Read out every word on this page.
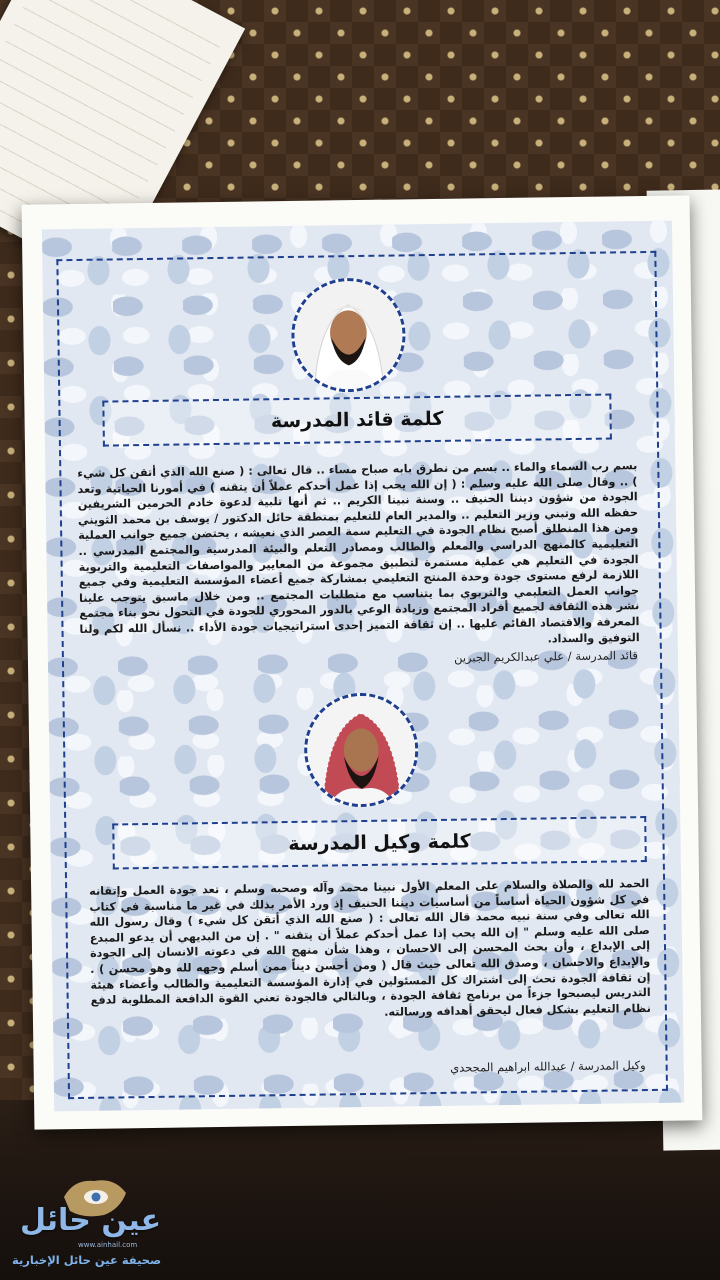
كلمة قائد المدرسة
بسم رب السماء والماء .. بسم من نطرق بابه صباح مساء .. قال تعالى : ( صنع الله الذي أتقن كل شيء ) .. وقال صلى الله عليه وسلم : ( إن الله يحب إذا عمل أحدكم عملاً أن يتقنه ) في أمورنا الحياتية وتعد الجودة من شؤون ديننا الحنيف .. وسنة نبينا الكريم .. ثم أنها تلبية لدعوة خادم الحرمين الشريفين حفظه الله وتبني وزير التعليم .. والمدير العام للتعليم بمنطقة حائل الدكتور / يوسف بن محمد الثويني ومن هذا المنطلق أصبح نظام الجودة في التعليم سمة العصر الذي نعيشه ، يحتضن جميع جوانب العملية التعليمية كالمنهج الدراسي والمعلم والطالب ومصادر التعلم والبيئة المدرسية والمجتمع المدرسي .. الجودة في التعليم هي عملية مستمرة لتطبيق مجموعة من المعايير والمواصفات التعليمية والتربوية اللازمة لرفع مستوى جودة وحدة المنتج التعليمي بمشاركة جميع أعضاء المؤسسة التعليمية وفي جميع جوانب العمل التعليمي والتربوي بما يتناسب مع متطلبات المجتمع .. ومن خلال ماسبق يتوجب علينا نشر هذه الثقافة لجميع أفراد المجتمع وزيادة الوعي بالدور المحوري للجودة في التحول نحو بناء مجتمع المعرفة والاقتصاد القائم عليها .. إن ثقافة التميز إحدى استراتيجيات جودة الأداء .. نسأل الله لكم ولنا التوفيق والسداد.
قائد المدرسة / علي عبدالكريم الجبرين
كلمة وكيل المدرسة
الحمد لله والصلاة والسلام على المعلم الأول نبينا محمد وآله وصحبه وسلم ، تعد جودة العمل وإتقانه في كل شؤون الحياة أساساً من أساسيات ديننا الحنيف إذ ورد الأمر بذلك في غير ما مناسبة في كتاب الله تعالى وفي سنة نبيه محمد قال الله تعالى : ( صنع الله الذي أتقن كل شيء ) وقال رسول الله صلى الله عليه وسلم " إن الله يحب إذا عمل أحدكم عملاً أن يتقنه " . إن من البديهي أن يدعو المبدع إلى الإبداع ، وأن يحث المحسن إلى الاحسان ، وهذا شأن منهج الله في دعوته الانسان إلى الجودة والإبداع والاحسان ، وصدق الله تعالى حيث قال ( ومن أحسن ديناً ممن أسلم وجهه لله وهو محسن ) . إن ثقافة الجودة تحث إلى اشتراك كل المسئولين في إدارة المؤسسة التعليمية والطالب وأعضاء هيئة التدريس ليصبحوا جزءاً من برنامج ثقافة الجودة ، وبالتالي فالجودة تعني القوة الدافعة المطلوبة لدفع نظام التعليم بشكل فعال ليحقق أهدافه ورسالته.
وكيل المدرسة / عبدالله ابراهيم المجحدي
عين حائل
www.ainhail.com
صحيفة عين حائل الإخبارية
